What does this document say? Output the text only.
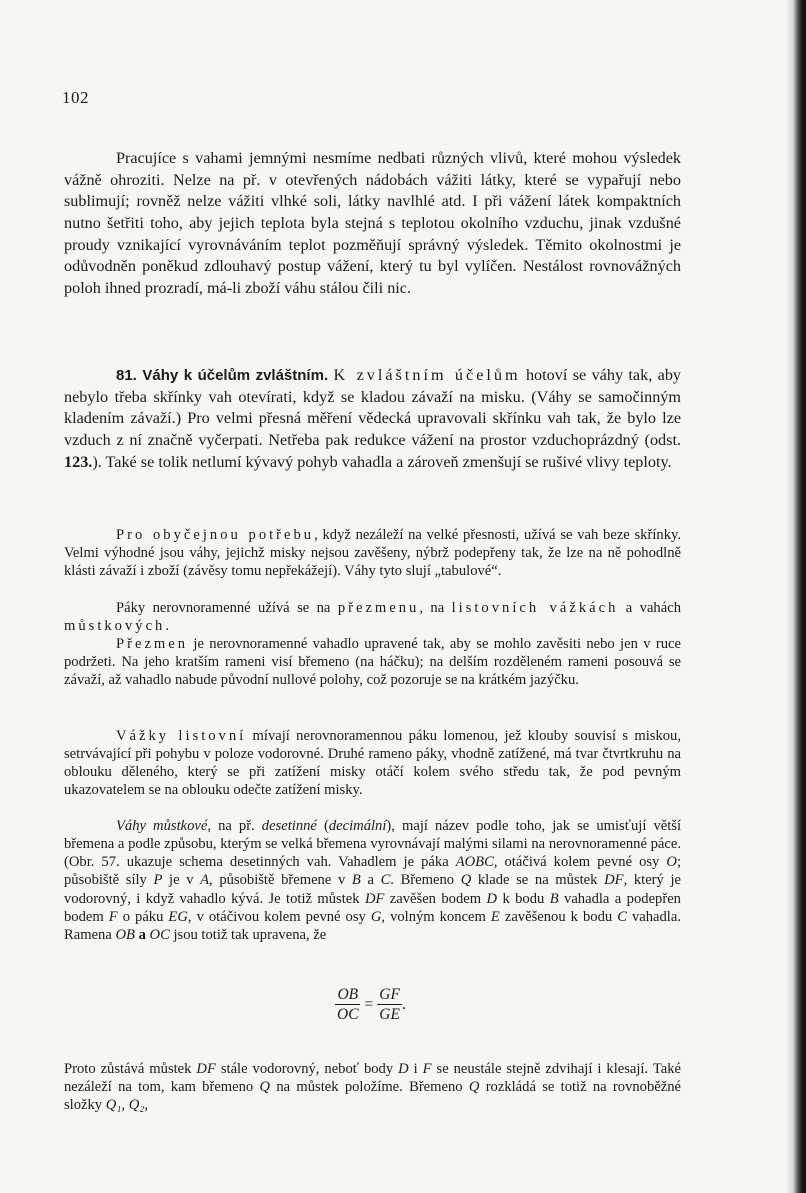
102

Pracujíce s vahami jemnými nesmíme nedbati různých vlivů, které mohou výsledek vážně ohroziti. Nelze na př. v otevřených nádobách vážiti látky, které se vypařují nebo sublimují; rovněž nelze vážiti vlhké soli, látky navlhlé atd. I při vážení látek kompaktních nutno šetřiti toho, aby jejich teplota byla stejná s teplotou okolního vzduchu, jinak vzdušné proudy vznikající vyrovnáváním teplot pozměňují správný výsledek. Těmito okolnostmi je odůvodněn poněkud zdlouhavý postup vážení, který tu byl vylíčen. Nestálost rovnovážných poloh ihned prozradí, má-li zboží váhu stálou čili nic.

81. Váhy k účelům zvláštním. K zvláštním účelům hotoví se váhy tak, aby nebylo třeba skřínky vah otevírati, když se kladou závaží na misku. (Váhy se samočinným kladením závaží.) Pro velmi přesná měření vědecká upravovali skřínku vah tak, že bylo lze vzduch z ní značně vyčerpati. Netřeba pak redukce vážení na prostor vzduchoprázdný (odst. 123.). Také se tolik netlumí kývavý pohyb vahadla a zároveň zmenšují se rušivé vlivy teploty.

Pro obyčejnou potřebu, když nezáleží na velké přesnosti, užívá se vah beze skřínky. Velmi výhodné jsou váhy, jejichž misky nejsou zavěšeny, nýbrž podepřeny tak, že lze na ně pohodlně klásti závaží i zboží (závěsy tomu nepřekážejí). Váhy tyto slují „tabulové“.

Páky nerovnoramenné užívá se na přezmenu, na listovních vážkách a vahách můstkových.

Přezmen je nerovnoramenné vahadlo upravené tak, aby se mohlo zavěsiti nebo jen v ruce podržeti. Na jeho kratším rameni visí břemeno (na háčku); na delším rozděleném rameni posouvá se závaží, až vahadlo nabude původní nullové polohy, což pozoruje se na krátkém jazýčku.

Vážky listovní mívají nerovnoramennou páku lomenou, jež klouby souvisí s miskou, setrvávající při pohybu v poloze vodorovné. Druhé rameno páky, vhodně zatížené, má tvar čtvrtkruhu na oblouku děleného, který se při zatížení misky otáčí kolem svého středu tak, že pod pevným ukazovatelem se na oblouku odečte zatížení misky.

Váhy můstkové, na př. desetinné (decimální), mají název podle toho, jak se umisťují větší břemena a podle způsobu, kterým se velká břemena vyrovnávají malými silami na nerovnoramenné páce. (Obr. 57. ukazuje schema desetinných vah. Vahadlem je páka AOBC, otáčivá kolem pevné osy O; působiště síly P je v A, působiště břemene v B a C. Břemeno Q klade se na můstek DF, který je vodorovný, i když vahadlo kývá. Je totiž můstek DF zavěšen bodem D k bodu B vahadla a podepřen bodem F o páku EG, v otáčivou kolem pevné osy G, volným koncem E zavěšenou k bodu C vahadla. Ramena OB a OC jsou totiž tak upravena, že

$\frac{OB}{OC} = \frac{GF}{GE}$ .

Proto zůstává můstek DF stále vodorovný, neboť body D i F se neustále stejně zdvihají i klesají. Také nezáleží na tom, kam břemeno Q na můstek položíme. Břemeno Q rozkládá se totiž na rovnoběžné složky Q₁, Q₂,
